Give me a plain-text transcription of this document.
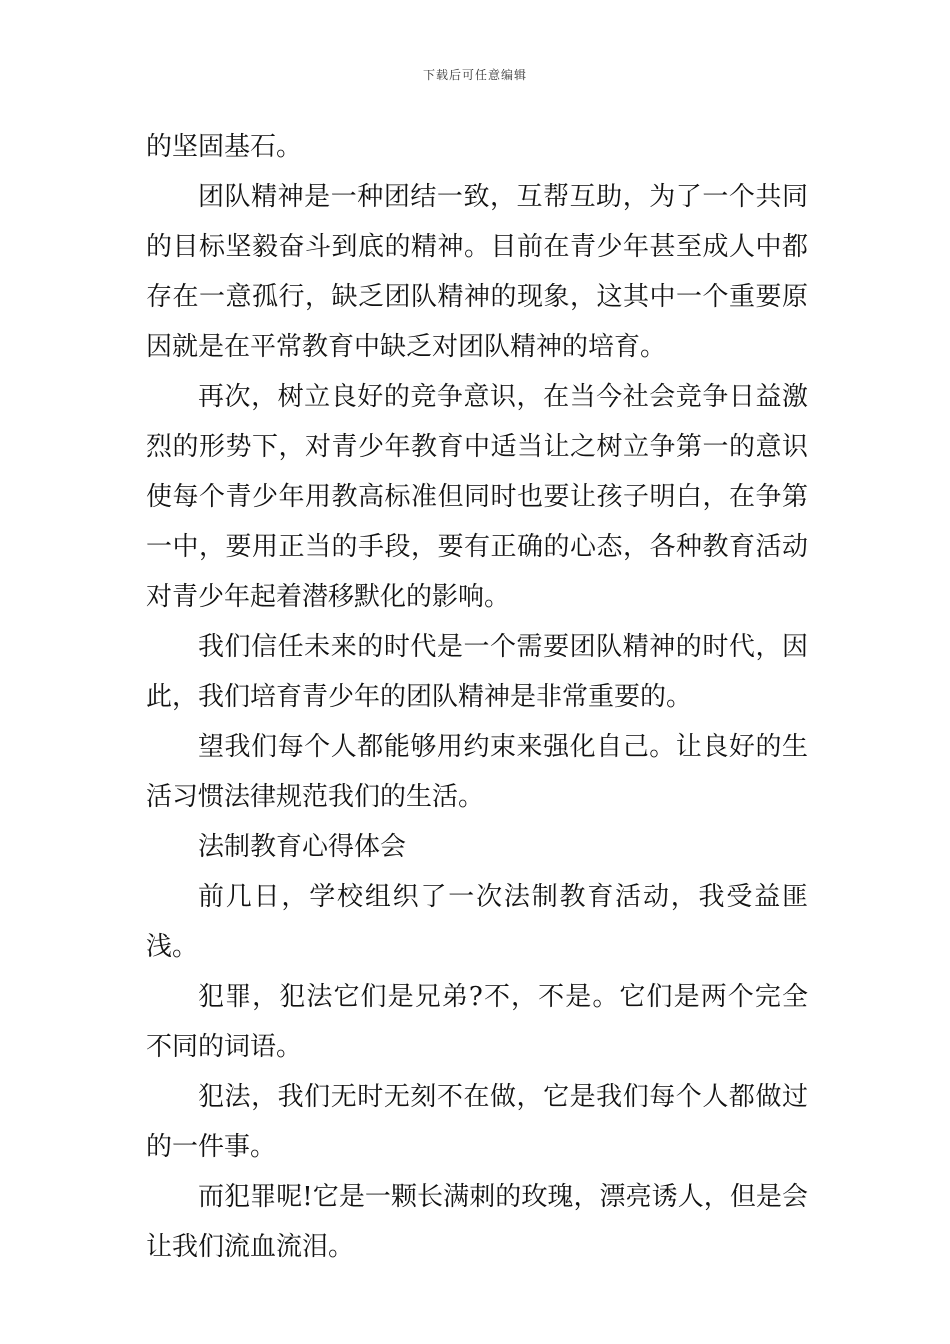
下载后可任意编辑

的坚固基石。

团队精神是一种团结一致，互帮互助，为了一个共同的目标坚毅奋斗到底的精神。目前在青少年甚至成人中都存在一意孤行，缺乏团队精神的现象，这其中一个重要原因就是在平常教育中缺乏对团队精神的培育。

再次，树立良好的竞争意识，在当今社会竞争日益激烈的形势下，对青少年教育中适当让之树立争第一的意识使每个青少年用教高标准但同时也要让孩子明白，在争第一中，要用正当的手段，要有正确的心态，各种教育活动对青少年起着潜移默化的影响。

我们信任未来的时代是一个需要团队精神的时代，因此，我们培育青少年的团队精神是非常重要的。

望我们每个人都能够用约束来强化自己。让良好的生活习惯法律规范我们的生活。

法制教育心得体会

前几日，学校组织了一次法制教育活动，我受益匪浅。

犯罪，犯法它们是兄弟?不，不是。它们是两个完全不同的词语。

犯法，我们无时无刻不在做，它是我们每个人都做过的一件事。

而犯罪呢!它是一颗长满刺的玫瑰，漂亮诱人，但是会让我们流血流泪。
